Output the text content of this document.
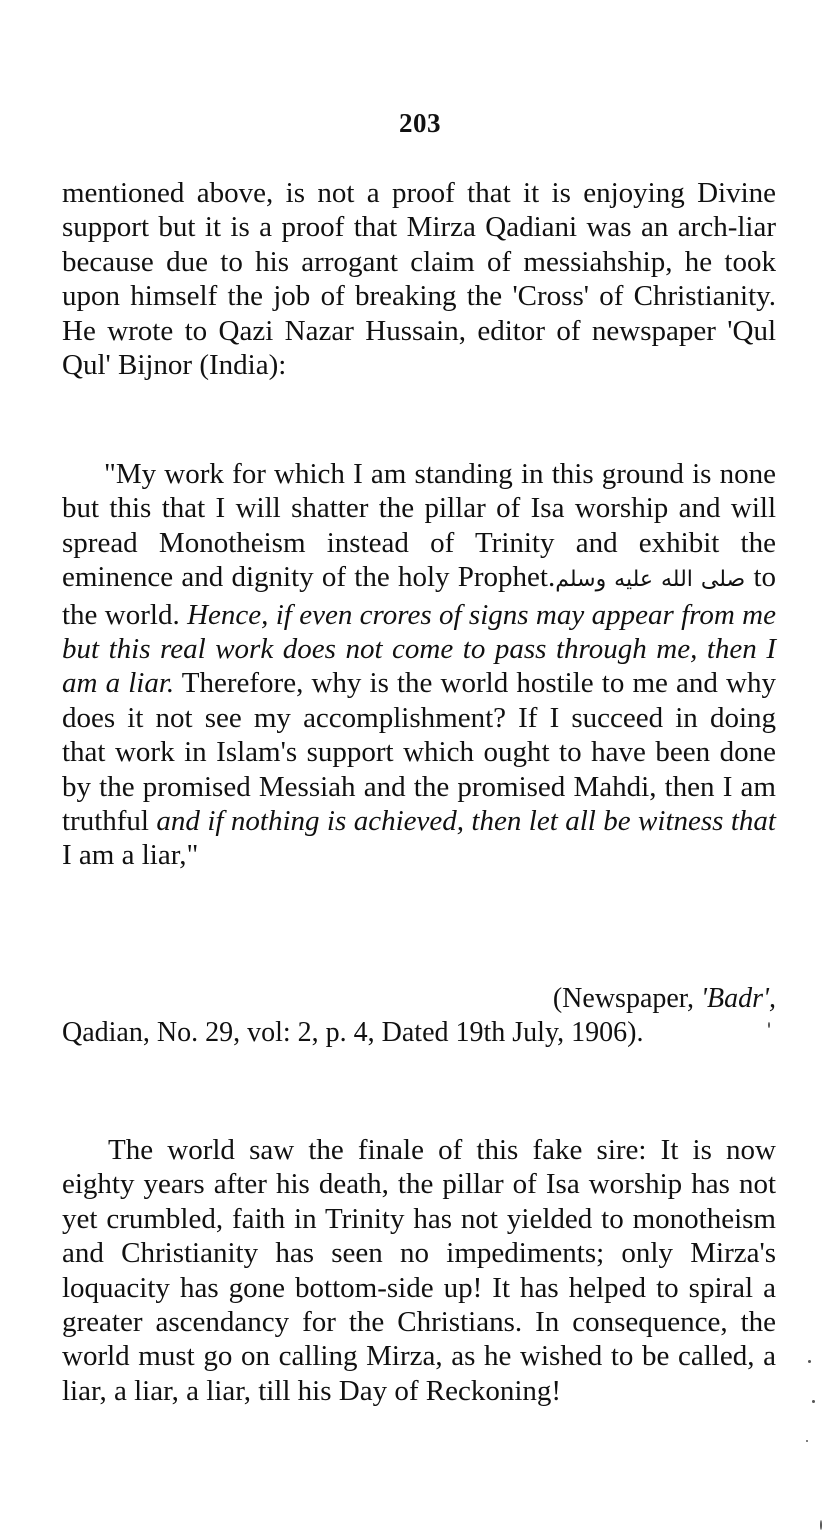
203

mentioned above, is not a proof that it is enjoying Divine support but it is a proof that Mirza Qadiani was an arch-liar because due to his arrogant claim of messiahship, he took upon himself the job of breaking the 'Cross' of Christianity. He wrote to Qazi Nazar Hussain, editor of newspaper 'Qul Qul' Bijnor (India):

"My work for which I am standing in this ground is none but this that I will shatter the pillar of Isa worship and will spread Monotheism instead of Trinity and exhibit the eminence and dignity of the holy Prophet.صلى الله عليه وسلم to the world. Hence, if even crores of signs may appear from me but this real work does not come to pass through me, then I am a liar. Therefore, why is the world hostile to me and why does it not see my accomplishment? If I succeed in doing that work in Islam's support which ought to have been done by the promised Messiah and the promised Mahdi, then I am truthful and if nothing is achieved, then let all be witness that I am a liar,"

(Newspaper, 'Badr',
Qadian, No. 29, vol: 2, p. 4, Dated 19th July, 1906).

The world saw the finale of this fake sire: It is now eighty years after his death, the pillar of Isa worship has not yet crumbled, faith in Trinity has not yielded to monotheism and Christianity has seen no impediments; only Mirza's loquacity has gone bottom-side up! It has helped to spiral a greater ascendancy for the Christians. In consequence, the world must go on calling Mirza, as he wished to be called, a liar, a liar, a liar, till his Day of Reckoning!
